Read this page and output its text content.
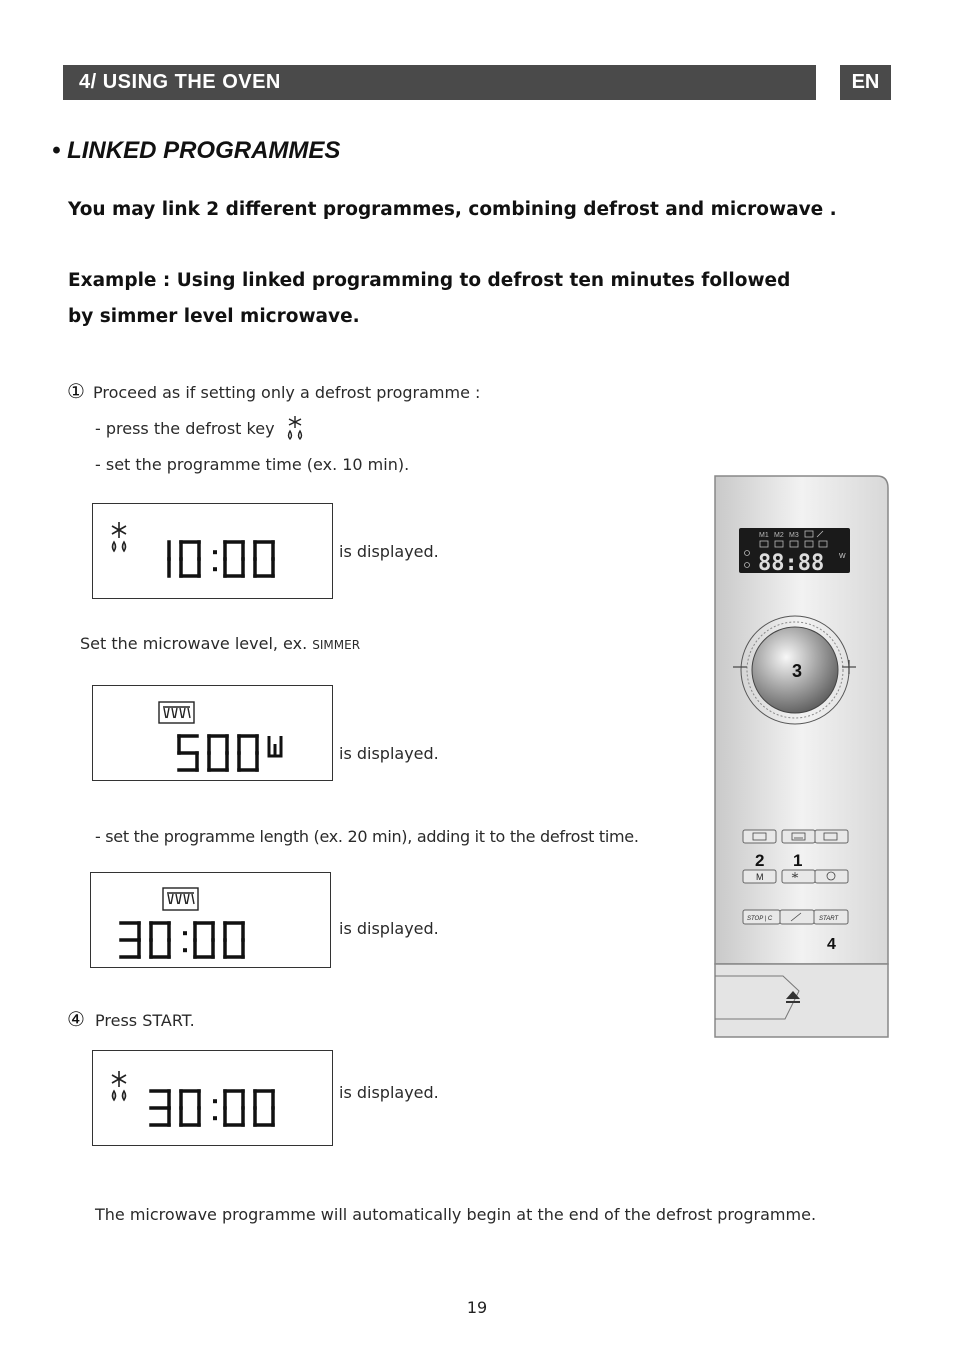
4/ USING THE OVEN	EN
• LINKED PROGRAMMES
You may link 2 different programmes, combining defrost and microwave .
Example : Using linked programming to defrost ten minutes followed
by simmer level microwave.
① Proceed as if setting only a defrost programme :
- press the defrost key
- set the programme time (ex. 10 min).
is displayed.
Set the microwave level, ex. SIMMER
is displayed.
- set the programme length (ex. 20 min), adding it to the defrost time.
is displayed.
④ Press START.
is displayed.
The microwave programme will automatically begin at the end of the defrost programme.
19
M1 M2 M3
88:88 W
3
M
STOP | C	START
2 1
4
